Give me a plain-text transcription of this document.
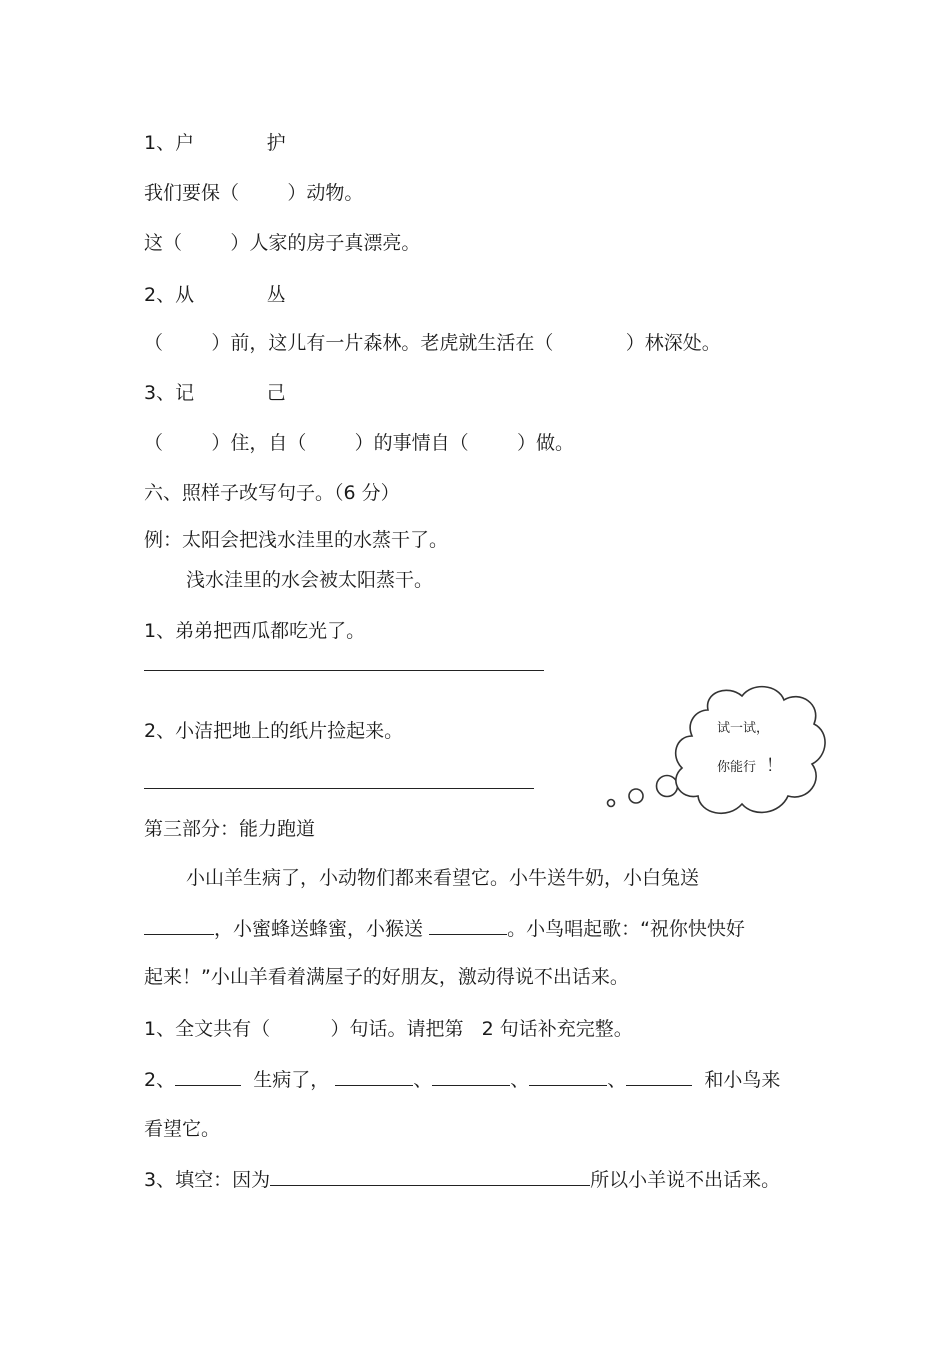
1、户            护
我们要保（        ）动物。
这（        ）人家的房子真漂亮。
2、从            丛
（        ）前，这儿有一片森林。老虎就生活在（            ）林深处。
3、记            己
（        ）住，自（        ）的事情自（        ）做。
六、照样子改写句子。（6 分）
例：太阳会把浅水洼里的水蒸干了。
浅水洼里的水会被太阳蒸干。
1、弟弟把西瓜都吃光了。
2、小洁把地上的纸片捡起来。	试一试，
你能行 ！
第三部分：能力跑道
小山羊生病了，小动物们都来看望它。小牛送牛奶，小白兔送
，小蜜蜂送蜂蜜，小猴送	。小鸟唱起歌：“祝你快快好
起来！”小山羊看着满屋子的好朋友，激动得说不出话来。
1、全文共有（          ）句话。请把第   2 句话补充完整。
2、	生病了，	、	、	、	和小鸟来
看望它。
3、填空：因为	所以小羊说不出话来。
